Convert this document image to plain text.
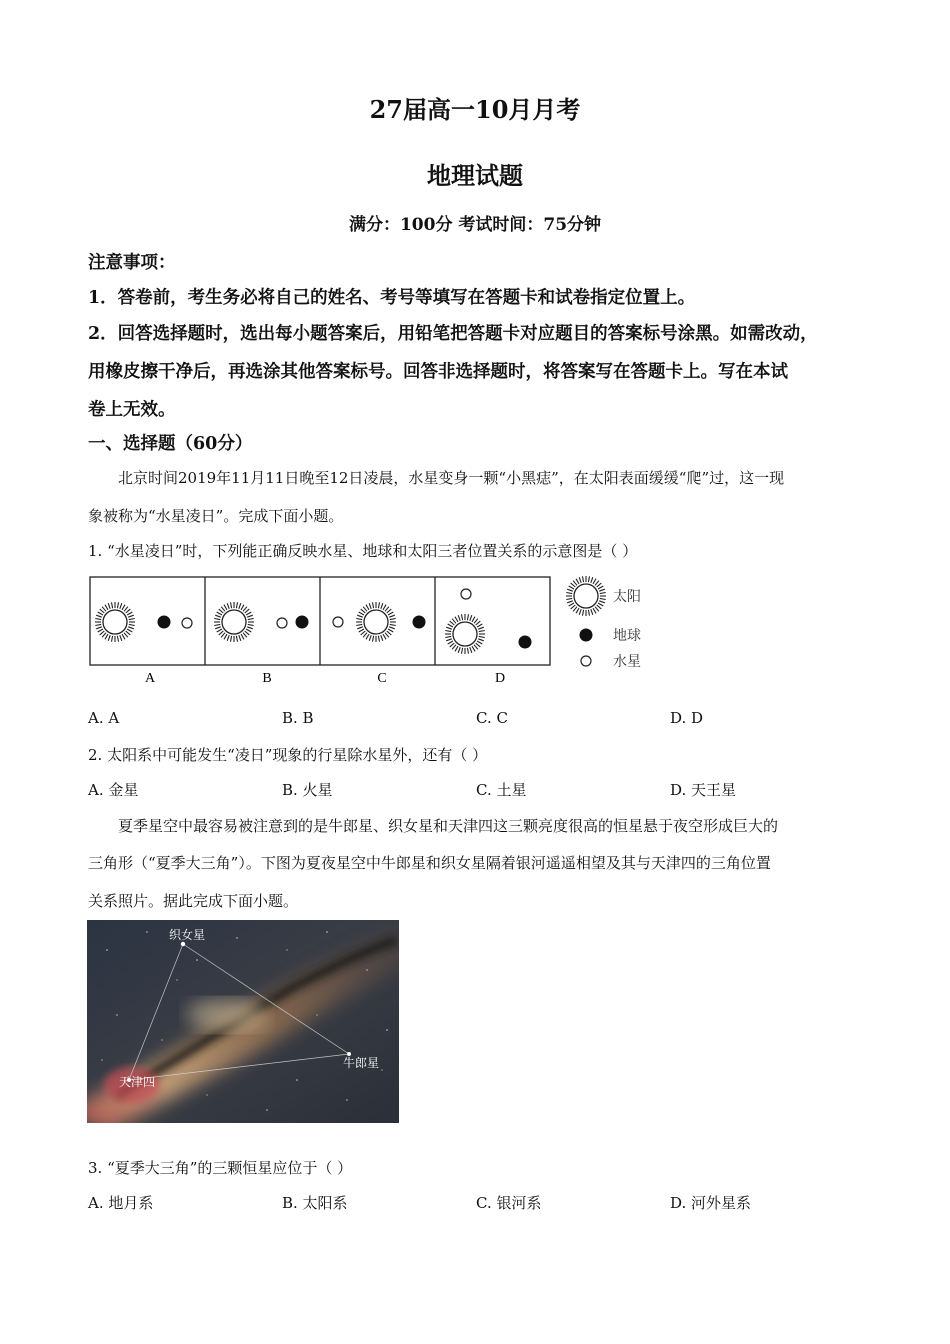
27届高一10月月考
地理试题
满分：100分 考试时间：75分钟
注意事项：
1．答卷前，考生务必将自己的姓名、考号等填写在答题卡和试卷指定位置上。
2．回答选择题时，选出每小题答案后，用铅笔把答题卡对应题目的答案标号涂黑。如需改动，
用橡皮擦干净后，再选涂其他答案标号。回答非选择题时，将答案写在答题卡上。写在本试
卷上无效。
一、选择题（60分）
北京时间2019年11月11日晚至12日凌晨，水星变身一颗“小黑痣”，在太阳表面缓缓“爬”过，这一现
象被称为“水星凌日”。完成下面小题。
1. “水星凌日”时，下列能正确反映水星、地球和太阳三者位置关系的示意图是（ ）
A	B	C	D
太阳
地球
水星
A. A	B. B	C. C	D. D
2. 太阳系中可能发生“凌日”现象的行星除水星外，还有（ ）
A. 金星	B. 火星	C. 土星	D. 天王星
夏季星空中最容易被注意到的是牛郎星、织女星和天津四这三颗亮度很高的恒星悬于夜空形成巨大的
三角形（“夏季大三角”）。下图为夏夜星空中牛郎星和织女星隔着银河遥遥相望及其与天津四的三角位置
关系照片。据此完成下面小题。
织女星
牛郎星
天津四
3. “夏季大三角”的三颗恒星应位于（ ）
A. 地月系	B. 太阳系	C. 银河系	D. 河外星系
